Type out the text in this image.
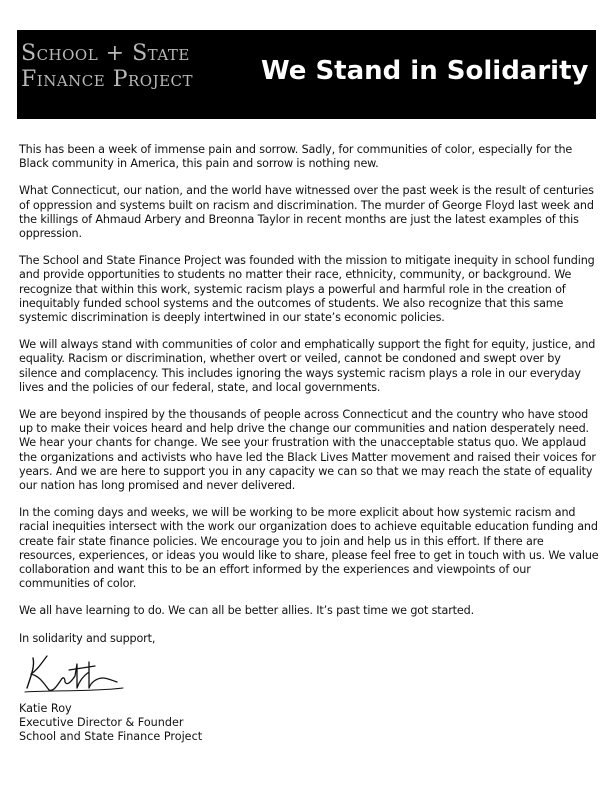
School + State
Finance Project	We Stand in Solidarity

This has been a week of immense pain and sorrow. Sadly, for communities of color, especially for the Black community in America, this pain and sorrow is nothing new.

What Connecticut, our nation, and the world have witnessed over the past week is the result of centuries of oppression and systems built on racism and discrimination. The murder of George Floyd last week and the killings of Ahmaud Arbery and Breonna Taylor in recent months are just the latest examples of this oppression.

The School and State Finance Project was founded with the mission to mitigate inequity in school funding and provide opportunities to students no matter their race, ethnicity, community, or background. We recognize that within this work, systemic racism plays a powerful and harmful role in the creation of inequitably funded school systems and the outcomes of students. We also recognize that this same systemic discrimination is deeply intertwined in our state’s economic policies.

We will always stand with communities of color and emphatically support the fight for equity, justice, and equality. Racism or discrimination, whether overt or veiled, cannot be condoned and swept over by silence and complacency. This includes ignoring the ways systemic racism plays a role in our everyday lives and the policies of our federal, state, and local governments.

We are beyond inspired by the thousands of people across Connecticut and the country who have stood up to make their voices heard and help drive the change our communities and nation desperately need. We hear your chants for change. We see your frustration with the unacceptable status quo. We applaud the organizations and activists who have led the Black Lives Matter movement and raised their voices for years. And we are here to support you in any capacity we can so that we may reach the state of equality our nation has long promised and never delivered.

In the coming days and weeks, we will be working to be more explicit about how systemic racism and racial inequities intersect with the work our organization does to achieve equitable education funding and create fair state finance policies. We encourage you to join and help us in this effort. If there are resources, experiences, or ideas you would like to share, please feel free to get in touch with us. We value collaboration and want this to be an effort informed by the experiences and viewpoints of our communities of color.

We all have learning to do. We can all be better allies. It’s past time we got started.

In solidarity and support,

Katie Roy
Executive Director & Founder
School and State Finance Project
